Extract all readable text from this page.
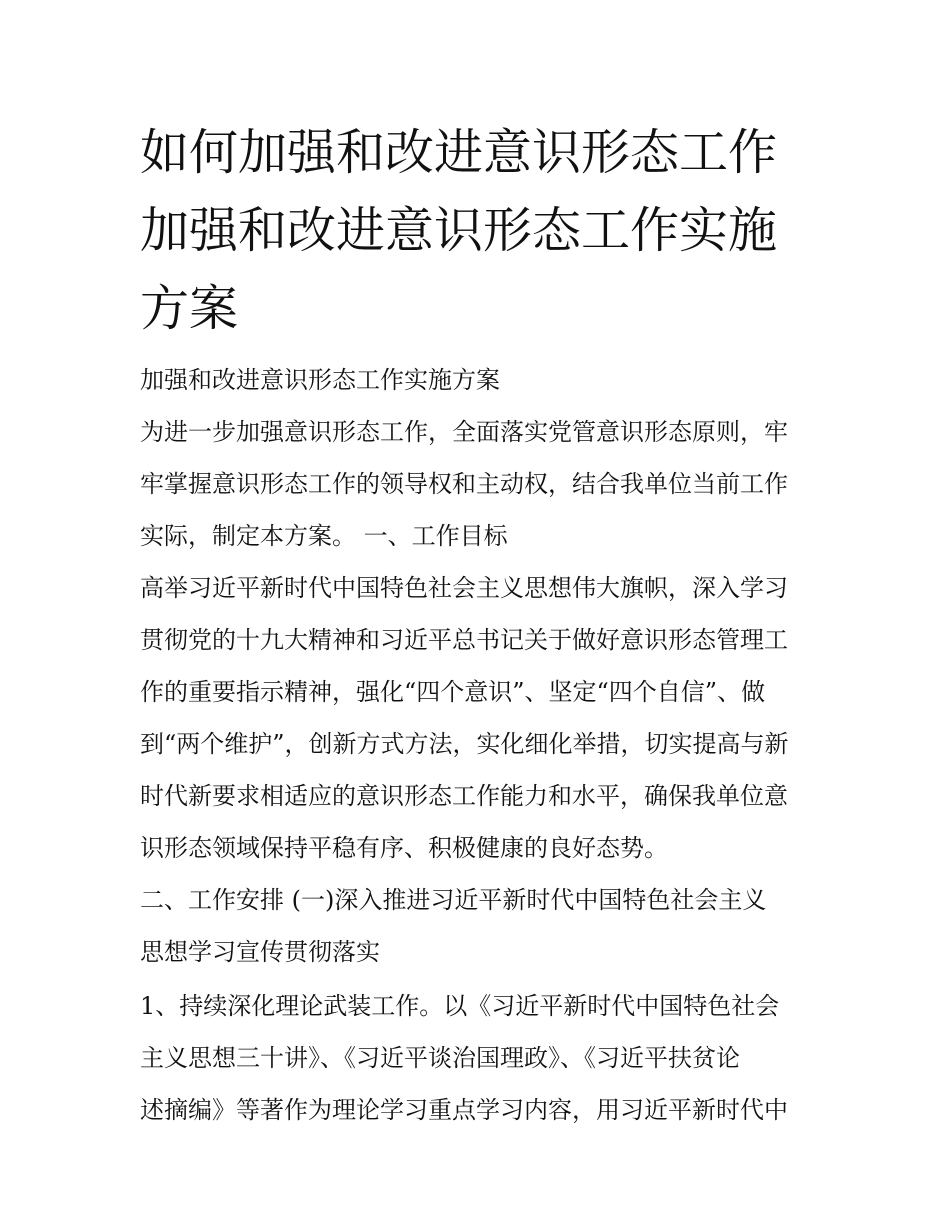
如何加强和改进意识形态工作
加强和改进意识形态工作实施
方案
加强和改进意识形态工作实施方案
为进一步加强意识形态工作，全面落实党管意识形态原则，牢
牢掌握意识形态工作的领导权和主动权，结合我单位当前工作
实际，制定本方案。 一、工作目标
高举习近平新时代中国特色社会主义思想伟大旗帜，深入学习
贯彻党的十九大精神和习近平总书记关于做好意识形态管理工
作的重要指示精神，强化“四个意识”、坚定“四个自信”、做
到“两个维护”，创新方式方法，实化细化举措，切实提高与新
时代新要求相适应的意识形态工作能力和水平，确保我单位意
识形态领域保持平稳有序、积极健康的良好态势。
二、工作安排 (一)深入推进习近平新时代中国特色社会主义
思想学习宣传贯彻落实
1、持续深化理论武装工作。以《习近平新时代中国特色社会
主义思想三十讲》、《习近平谈治国理政》、《习近平扶贫论
述摘编》等著作为理论学习重点学习内容，用习近平新时代中
